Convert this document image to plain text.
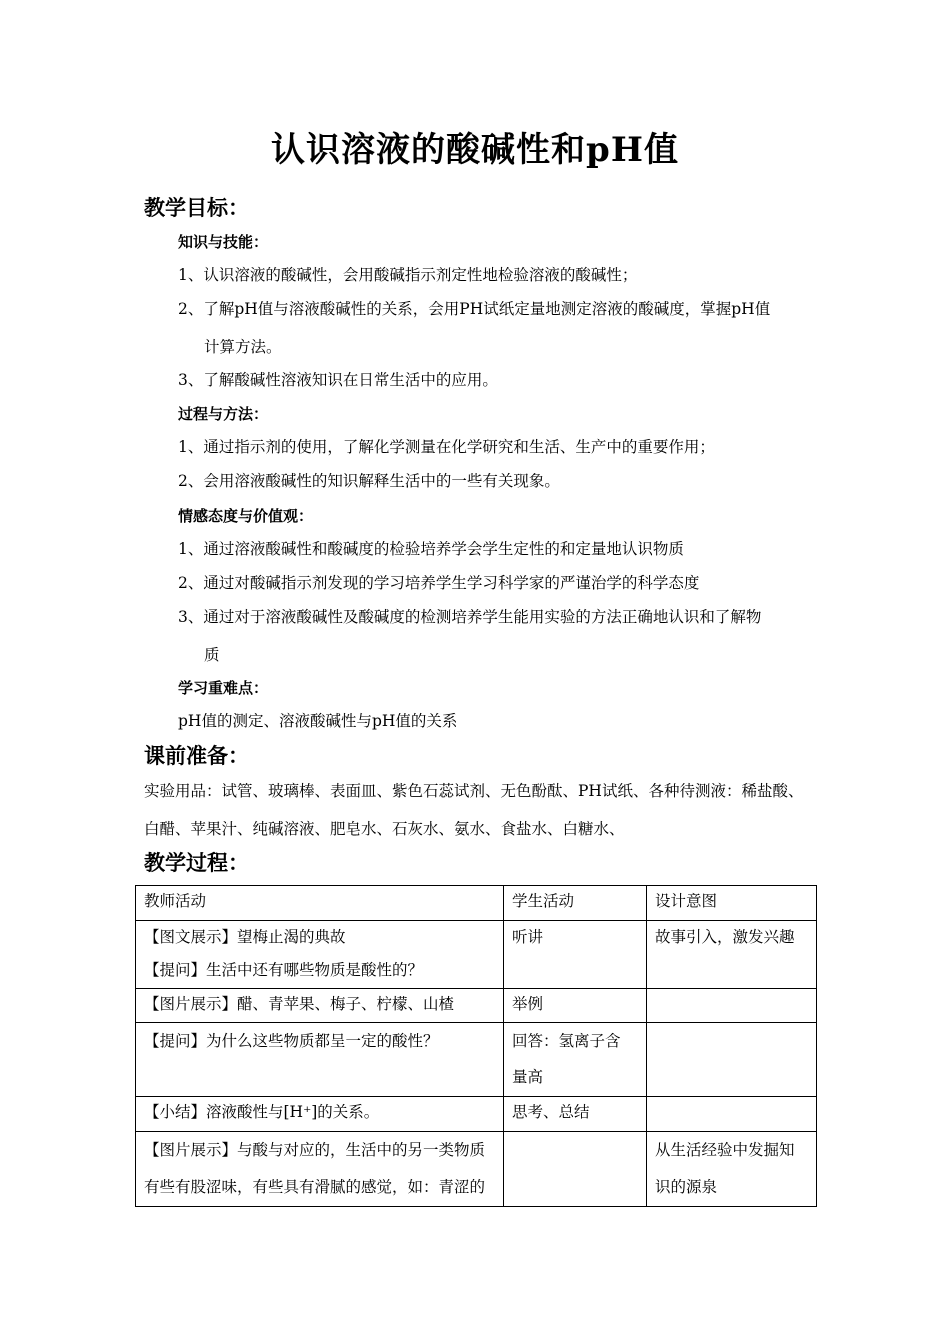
认识溶液的酸碱性和pH值
教学目标：
知识与技能：
1、认识溶液的酸碱性，会用酸碱指示剂定性地检验溶液的酸碱性；
2、了解pH值与溶液酸碱性的关系，会用PH试纸定量地测定溶液的酸碱度，掌握pH值
计算方法。
3、了解酸碱性溶液知识在日常生活中的应用。
过程与方法：
1、通过指示剂的使用，了解化学测量在化学研究和生活、生产中的重要作用；
2、会用溶液酸碱性的知识解释生活中的一些有关现象。
情感态度与价值观：
1、通过溶液酸碱性和酸碱度的检验培养学会学生定性的和定量地认识物质
2、通过对酸碱指示剂发现的学习培养学生学习科学家的严谨治学的科学态度
3、通过对于溶液酸碱性及酸碱度的检测培养学生能用实验的方法正确地认识和了解物
质
学习重难点：
pH值的测定、溶液酸碱性与pH值的关系
课前准备：
实验用品：试管、玻璃棒、表面皿、紫色石蕊试剂、无色酚酞、PH试纸、各种待测液：稀盐酸、
白醋、苹果汁、纯碱溶液、肥皂水、石灰水、氨水、食盐水、白糖水、
教学过程：
教师活动	学生活动	设计意图

【图文展示】望梅止渴的典故
【提问】生活中还有哪些物质是酸性的？	听讲	故事引入，激发兴趣

【图片展示】醋、青苹果、梅子、柠檬、山楂	举例	

【提问】为什么这些物质都呈一定的酸性？	回答：氢离子含
量高	

【小结】溶液酸性与[H⁺]的关系。	思考、总结	

【图片展示】与酸与对应的，生活中的另一类物质
有些有股涩味，有些具有滑腻的感觉，如：青涩的		从生活经验中发掘知
识的源泉
